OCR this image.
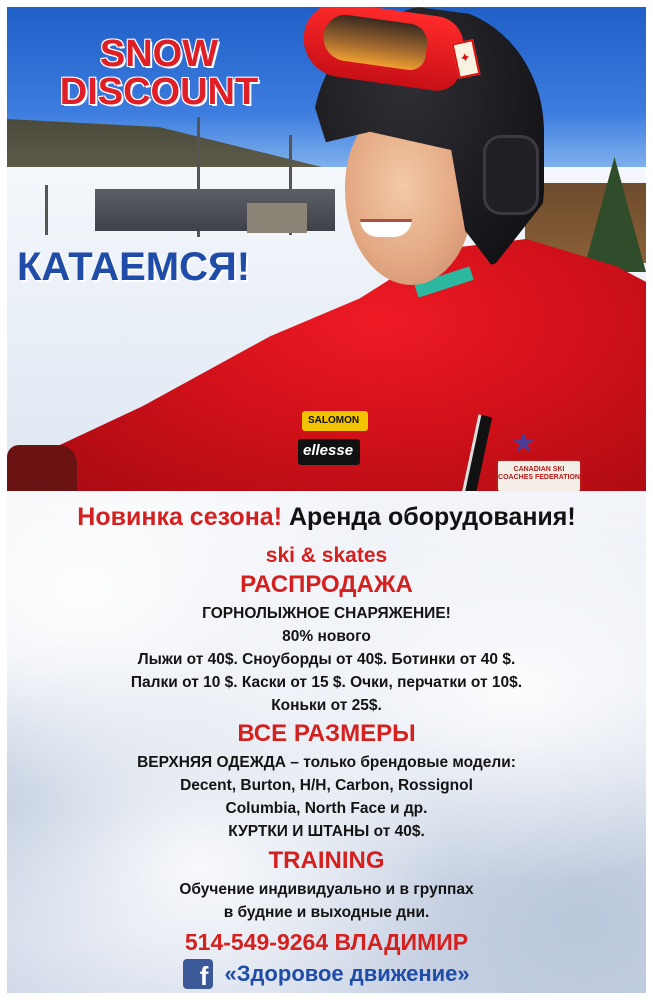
✦
SALOMON
ellesse	★
CANADIAN SKI COACHES FEDERATION
SNOW
DISCOUNT
КАТАЕМСЯ!
Новинка сезона! Аренда оборудования!
ski & skates
РАСПРОДАЖА
ГОРНОЛЫЖНОЕ СНАРЯЖЕНИЕ!
80% нового
Лыжи от 40$. Сноуборды от 40$. Ботинки от 40 $.
Палки от 10 $. Каски от 15 $. Очки, перчатки от 10$.
Коньки от 25$.
ВСЕ РАЗМЕРЫ
ВЕРХНЯЯ ОДЕЖДА – только брендовые модели:
Decent, Burton, H/H, Carbon, Rossignol
Columbia, North Face и др.
КУРТКИ И ШТАНЫ от 40$.
TRAINING
Обучение индивидуально и в группах
в будние и выходные дни.
514-549-9264 ВЛАДИМИР
f «Здоровое движение»
